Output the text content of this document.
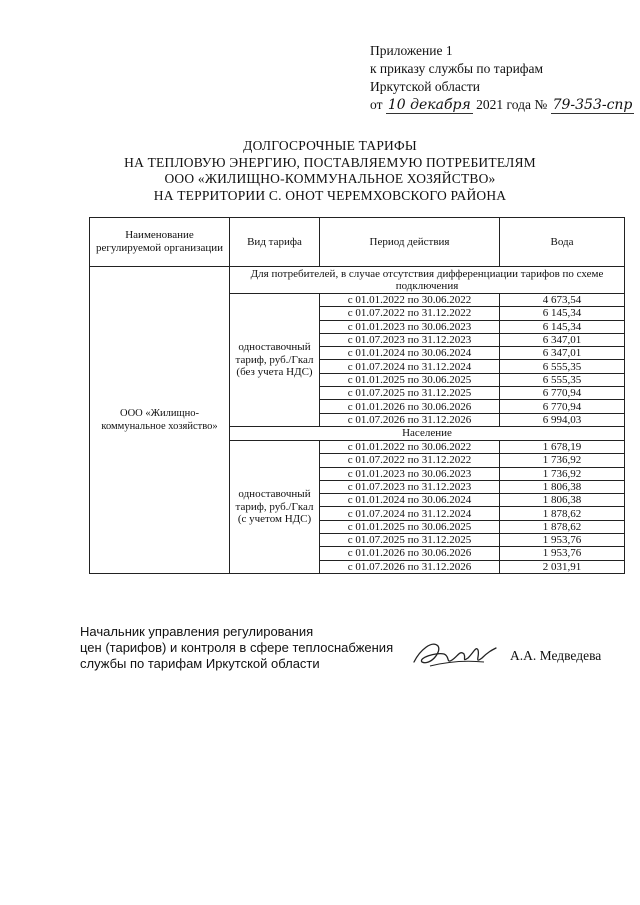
Приложение 1
к приказу службы по тарифам
Иркутской области
от 10 декабря 2021 года № 79-353-спр
ДОЛГОСРОЧНЫЕ ТАРИФЫ
НА ТЕПЛОВУЮ ЭНЕРГИЮ, ПОСТАВЛЯЕМУЮ ПОТРЕБИТЕЛЯМ
ООО «ЖИЛИЩНО-КОММУНАЛЬНОЕ ХОЗЯЙСТВО»
НА ТЕРРИТОРИИ С. ОНОТ ЧЕРЕМХОВСКОГО РАЙОНА
Наименование регулируемой организации	Вид тарифа	Период действия	Вода
ООО «Жилищно-коммунальное хозяйство»	Для потребителей, в случае отсутствия дифференциации тарифов по схеме подключения		
	одноставочный тариф, руб./Гкал (без учета НДС)	с 01.01.2022 по 30.06.2022	4 673,54
		с 01.07.2022 по 31.12.2022	6 145,34
		с 01.01.2023 по 30.06.2023	6 145,34
		с 01.07.2023 по 31.12.2023	6 347,01
		с 01.01.2024 по 30.06.2024	6 347,01
		с 01.07.2024 по 31.12.2024	6 555,35
		с 01.01.2025 по 30.06.2025	6 555,35
		с 01.07.2025 по 31.12.2025	6 770,94
		с 01.01.2026 по 30.06.2026	6 770,94
		с 01.07.2026 по 31.12.2026	6 994,03
	Население		
	одноставочный тариф, руб./Гкал (с учетом НДС)	с 01.01.2022 по 30.06.2022	1 678,19
		с 01.07.2022 по 31.12.2022	1 736,92
		с 01.01.2023 по 30.06.2023	1 736,92
		с 01.07.2023 по 31.12.2023	1 806,38
		с 01.01.2024 по 30.06.2024	1 806,38
		с 01.07.2024 по 31.12.2024	1 878,62
		с 01.01.2025 по 30.06.2025	1 878,62
		с 01.07.2025 по 31.12.2025	1 953,76
		с 01.01.2026 по 30.06.2026	1 953,76
		с 01.07.2026 по 31.12.2026	2 031,91
Начальник управления регулирования
цен (тарифов) и контроля в сфере теплоснабжения
службы по тарифам Иркутской области
А.А. Медведева
